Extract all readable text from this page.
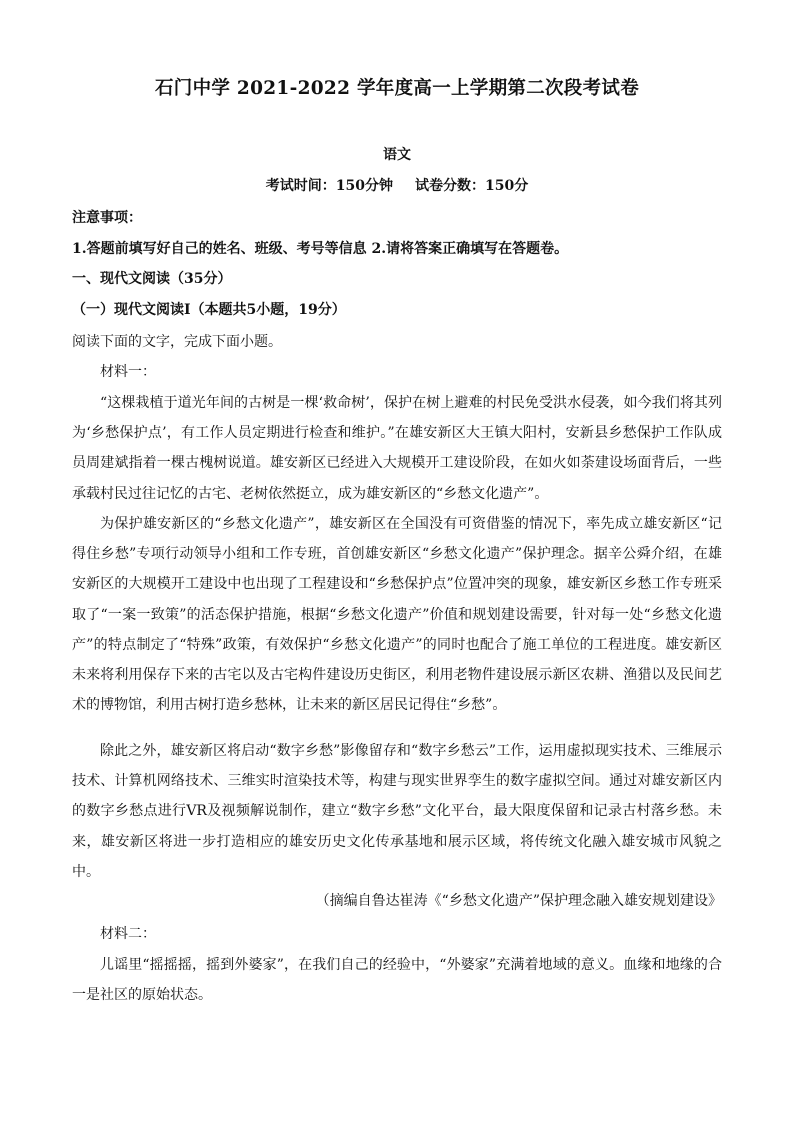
石门中学 2021-2022 学年度高一上学期第二次段考试卷
语文
考试时间：150分钟 试卷分数：150分
注意事项：
1.答题前填写好自己的姓名、班级、考号等信息 2.请将答案正确填写在答题卷。
一、现代文阅读（35分）
（一）现代文阅读Ⅰ（本题共5小题，19分）
阅读下面的文字，完成下面小题。
材料一：

“这棵栽植于道光年间的古树是一棵‘救命树’，保护在树上避难的村民免受洪水侵袭，如今我们将其列为‘乡愁保护点’，有工作人员定期进行检查和维护。”在雄安新区大王镇大阳村，安新县乡愁保护工作队成员周建斌指着一棵古槐树说道。雄安新区已经进入大规模开工建设阶段，在如火如荼建设场面背后，一些承载村民过往记忆的古宅、老树依然挺立，成为雄安新区的“乡愁文化遗产”。

为保护雄安新区的“乡愁文化遗产”，雄安新区在全国没有可资借鉴的情况下，率先成立雄安新区“记得住乡愁”专项行动领导小组和工作专班，首创雄安新区“乡愁文化遗产”保护理念。据辛公舜介绍，在雄安新区的大规模开工建设中也出现了工程建设和“乡愁保护点”位置冲突的现象，雄安新区乡愁工作专班采取了“一案一致策”的活态保护措施，根据“乡愁文化遗产”价值和规划建设需要，针对每一处“乡愁文化遗产”的特点制定了“特殊”政策，有效保护“乡愁文化遗产”的同时也配合了施工单位的工程进度。雄安新区未来将利用保存下来的古宅以及古宅构件建设历史街区，利用老物件建设展示新区农耕、渔猎以及民间艺术的博物馆，利用古树打造乡愁林，让未来的新区居民记得住“乡愁”。

除此之外，雄安新区将启动“数字乡愁”影像留存和“数字乡愁云”工作，运用虚拟现实技术、三维展示技术、计算机网络技术、三维实时渲染技术等，构建与现实世界孪生的数字虚拟空间。通过对雄安新区内的数字乡愁点进行VR及视频解说制作，建立“数字乡愁”文化平台，最大限度保留和记录古村落乡愁。未来，雄安新区将进一步打造相应的雄安历史文化传承基地和展示区域，将传统文化融入雄安城市风貌之中。

（摘编自鲁达崔涛《“乡愁文化遗产”保护理念融入雄安规划建设》
材料二：

儿谣里“摇摇摇，摇到外婆家”，在我们自己的经验中，“外婆家”充满着地域的意义。血缘和地缘的合一是社区的原始状态。
